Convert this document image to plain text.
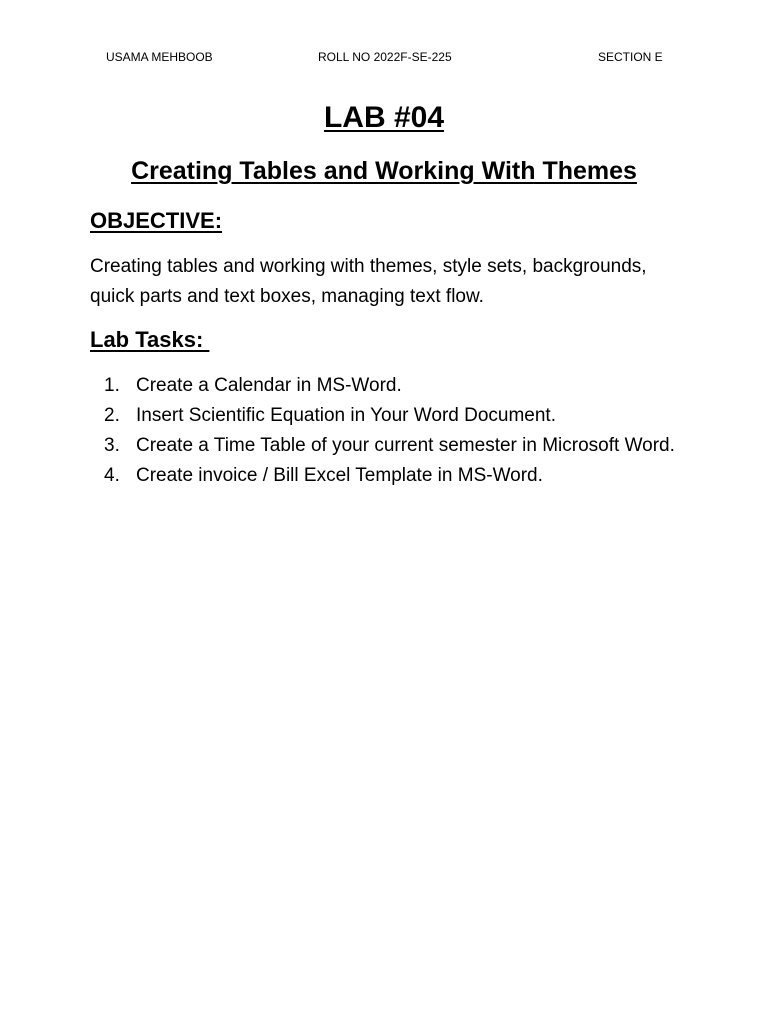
USAMA MEHBOOB	ROLL NO 2022F-SE-225	SECTION E
LAB #04
Creating Tables and Working With Themes
OBJECTIVE:
Creating tables and working with themes, style sets, backgrounds, quick parts and text boxes, managing text flow.
Lab Tasks:
1. Create a Calendar in MS-Word.
2. Insert Scientific Equation in Your Word Document.
3. Create a Time Table of your current semester in Microsoft Word.
4. Create invoice / Bill Excel Template in MS-Word.
